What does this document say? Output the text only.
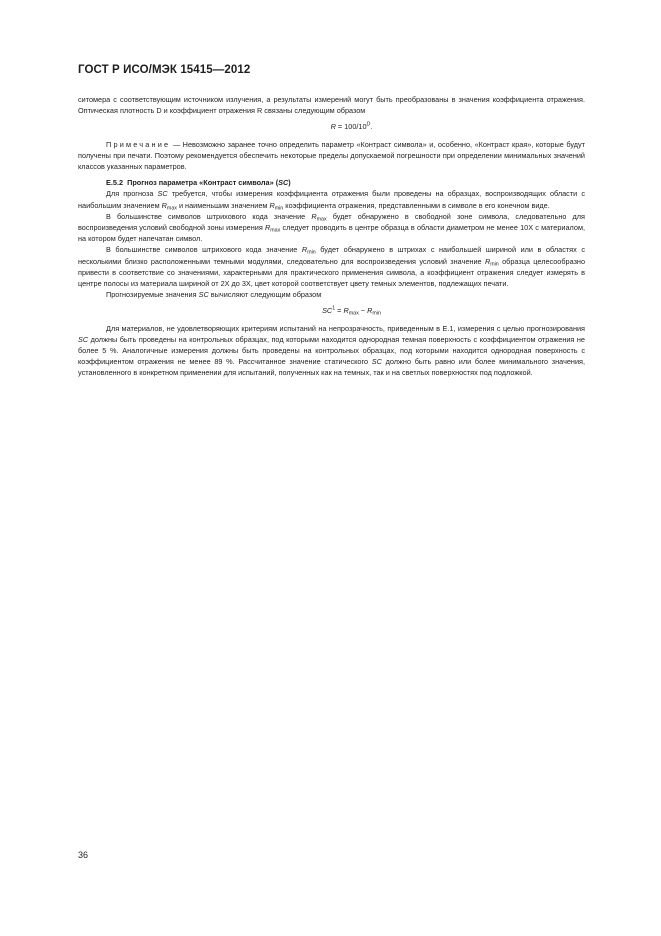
ГОСТ Р ИСО/МЭК 15415—2012

ситомера с соответствующим источником излучения, а результаты измерений могут быть преобразованы в значения коэффициента отражения. Оптическая плотность D и коэффициент отражения R связаны следующим образом

$R = 100/10^D$.

Примечание — Невозможно заранее точно определить параметр «Контраст символа» и, особенно, «Контраст края», которые будут получены при печати. Поэтому рекомендуется обеспечить некоторые пределы допускаемой погрешности при определении минимальных значений классов указанных параметров.

E.5.2 Прогноз параметра «Контраст символа» (SC)

Для прогноза SC требуется, чтобы измерения коэффициента отражения были проведены на образцах, воспроизводящих области с наибольшим значением $R_{max}$ и наименьшим значением $R_{min}$ коэффициента отражения, представленными в символе в его конечном виде.

В большинстве символов штрихового кода значение $R_{max}$ будет обнаружено в свободной зоне символа, следовательно для воспроизведения условий свободной зоны измерения $R_{max}$ следует проводить в центре образца в области диаметром не менее 10X с материалом, на котором будет напечатан символ.

В большинстве символов штрихового кода значение $R_{min}$ будет обнаружено в штрихах с наибольшей шириной или в областях с несколькими близко расположенными темными модулями, следовательно для воспроизведения условий значение $R_{min}$ образца целесообразно привести в соответствие со значениями, характерными для практического применения символа, а коэффициент отражения следует измерять в центре полосы из материала шириной от 2X до 3X, цвет которой соответствует цвету темных элементов, подлежащих печати.

Прогнозируемые значения SC вычисляют следующим образом

$SC^1 = R_{max} - R_{min}$

Для материалов, не удовлетворяющих критериям испытаний на непрозрачность, приведенным в Е.1, измерения с целью прогнозирования SC должны быть проведены на контрольных образцах, под которыми находится однородная темная поверхность с коэффициентом отражения не более 5 %. Аналогичные измерения должны быть проведены на контрольных образцах, под которыми находится однородная поверхность с коэффициентом отражения не менее 89 %. Рассчитанное значение статического SC должно быть равно или более минимального значения, установленного в конкретном применении для испытаний, полученных как на темных, так и на светлых поверхностях под подложкой.

36
